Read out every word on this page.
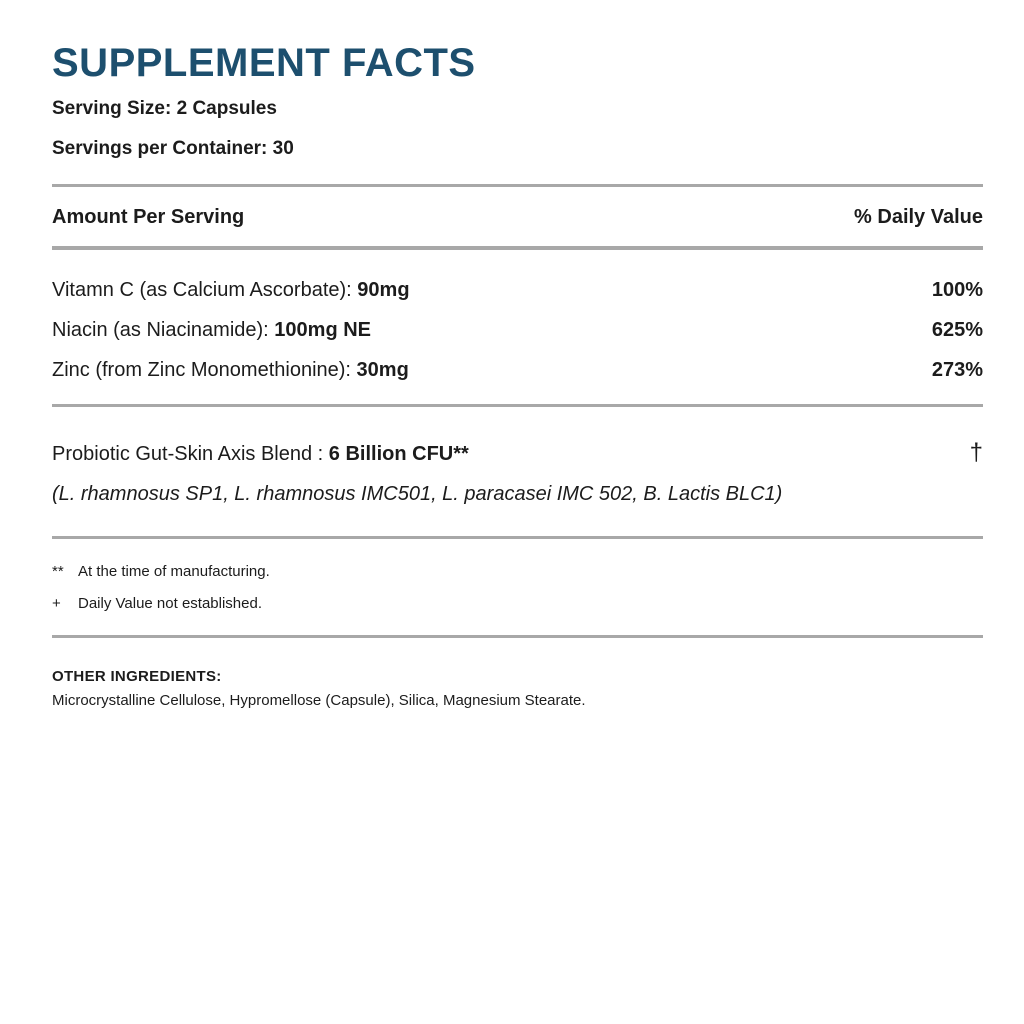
SUPPLEMENT FACTS
Serving Size: 2 Capsules
Servings per Container: 30
Amount Per Serving	% Daily Value
Vitamn C (as Calcium Ascorbate): 90mg	100%
Niacin (as Niacinamide): 100mg NE	625%
Zinc (from Zinc Monomethionine): 30mg	273%
Probiotic Gut-Skin Axis Blend : 6 Billion CFU**	†
(L. rhamnosus SP1, L. rhamnosus IMC501, L. paracasei IMC 502, B. Lactis BLC1)
** At the time of manufacturing.
+	Daily Value not established.
OTHER INGREDIENTS:
Microcrystalline Cellulose, Hypromellose (Capsule), Silica, Magnesium Stearate.
